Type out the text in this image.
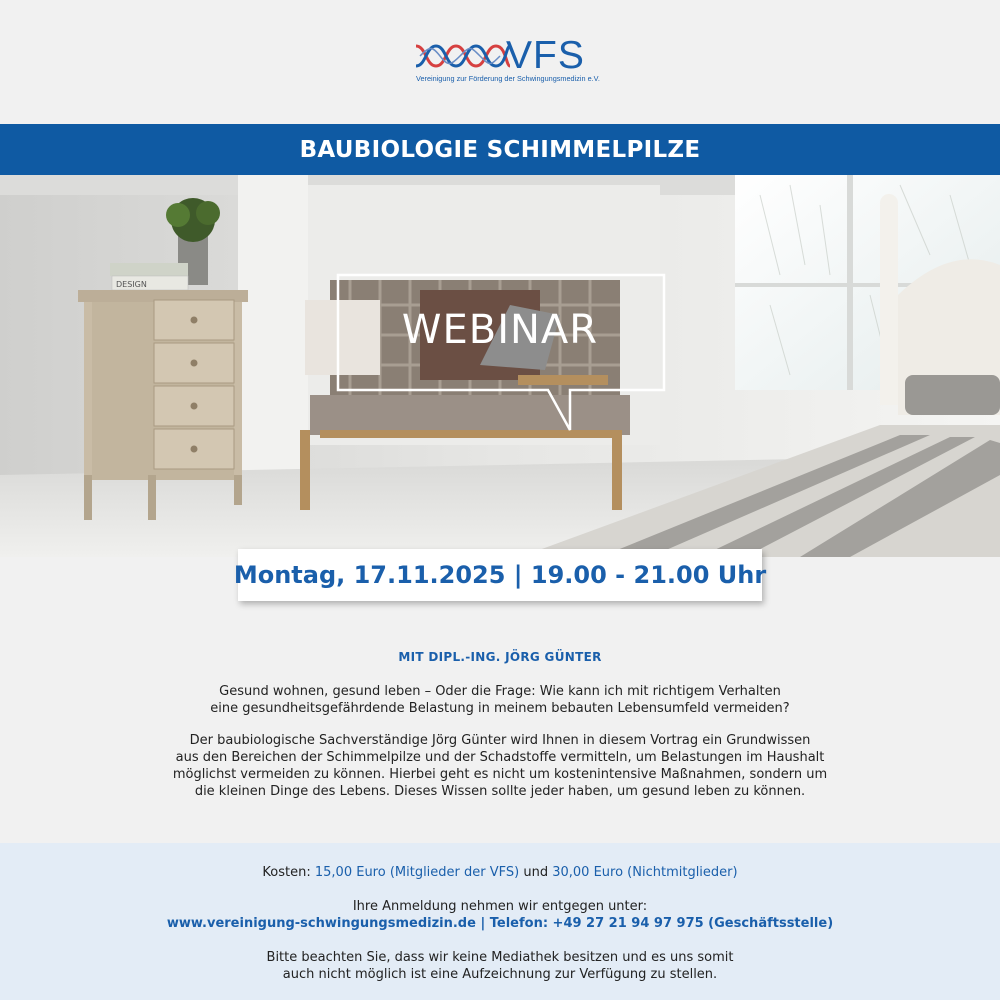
VFS
Vereinigung zur Förderung der Schwingungsmedizin e.V.
BAUBIOLOGIE SCHIMMELPILZE
DESIGN
WEBINAR
Montag, 17.11.2025 | 19.00 - 21.00 Uhr
MIT DIPL.-ING. JÖRG GÜNTER
Gesund wohnen, gesund leben – Oder die Frage: Wie kann ich mit richtigem Verhalten
eine gesundheitsgefährdende Belastung in meinem bebauten Lebensumfeld vermeiden?
Der baubiologische Sachverständige Jörg Günter wird Ihnen in diesem Vortrag ein Grundwissen
aus den Bereichen der Schimmelpilze und der Schadstoffe vermitteln, um Belastungen im Haushalt
möglichst vermeiden zu können. Hierbei geht es nicht um kostenintensive Maßnahmen, sondern um
die kleinen Dinge des Lebens. Dieses Wissen sollte jeder haben, um gesund leben zu können.
Kosten: 15,00 Euro (Mitglieder der VFS) und 30,00 Euro (Nichtmitglieder)
Ihre Anmeldung nehmen wir entgegen unter:
www.vereinigung-schwingungsmedizin.de | Telefon: +49 27 21 94 97 975 (Geschäftsstelle)
Bitte beachten Sie, dass wir keine Mediathek besitzen und es uns somit
auch nicht möglich ist eine Aufzeichnung zur Verfügung zu stellen.
